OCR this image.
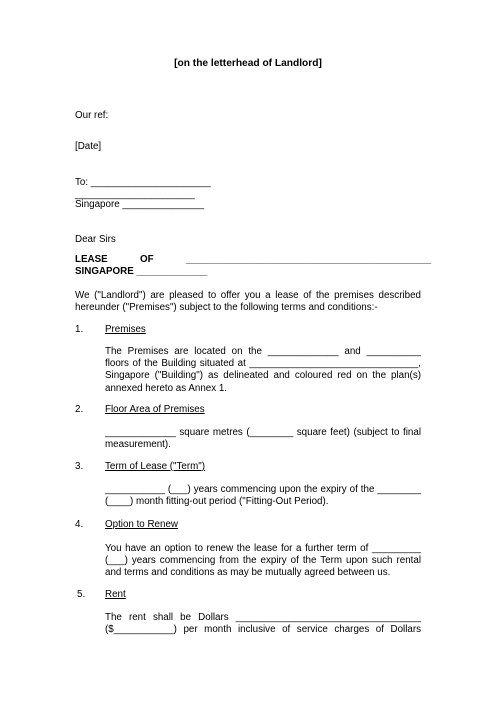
[on the letterhead of Landlord]
Our ref:
[Date]
To: ______________________
______________________
Singapore _______________
Dear Sirs
LEASE	OF	_____________________________________________
SINGAPORE _____________
We ("Landlord") are pleased to offer you a lease of the premises described hereunder ("Premises") subject to the following terms and conditions:-
1. Premises
The Premises are located on the _____________ and __________ floors of the Building situated at _______________________________, Singapore ("Building") as delineated and coloured red on the plan(s) annexed hereto as Annex 1.
2. Floor Area of Premises
_____________ square metres (________ square feet) (subject to final measurement).
3. Term of Lease ("Term")
___________ (___) years commencing upon the expiry of the ________ (____) month fitting-out period ("Fitting-Out Period).
4. Option to Renew
You have an option to renew the lease for a further term of _________ (___) years commencing from the expiry of the Term upon such rental and terms and conditions as may be mutually agreed between us.
5. Rent
The rent shall be Dollars __________________________________ ($___________) per month inclusive of service charges of Dollars
